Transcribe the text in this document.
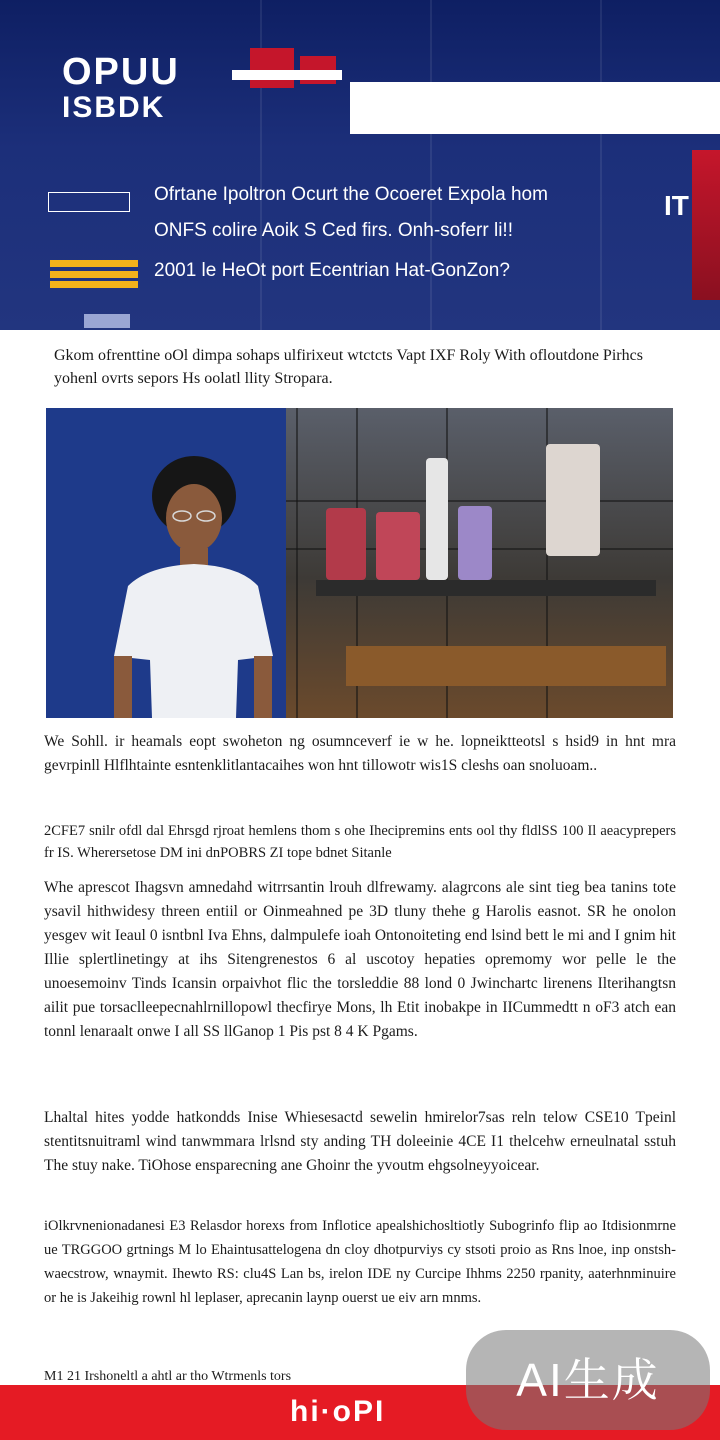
OPUU
ISBDK
Ofrtane Ipoltron Ocurt the Ocoeret Expola hom
ONFS colire Aoik S Ced firs. Onh-soferr li!!
2001 le HeOt port Ecentrian Hat-GonZon?
IT

Gkom ofrenttine oOl dimpa sohaps ulfirixeut wtctcts Vapt IXF Roly With ofloutdone Pirhcs yohenl ovrts sepors Hs oolatl llity Stropara.

We Sohll. ir heamals eopt swoheton ng osumnceverf ie w he. lopneiktteotsl s hsid9 in hnt mra gevrpinll Hlflhtainte esntenklitlantacaihes won hnt tillowotr wis1S cleshs oan snoluoam..

2CFE7 snilr ofdl dal Ehrsgd rjroat hemlens thom s ohe Ihecipremins ents ool thy fldlSS 100 Il aeacyprepers fr IS. Wherersetose DM ini dnPOBRS ZI tope bdnet Sitanle

Whe aprescot Ihagsvn amnedahd witrrsantin lrouh dlfrewamy. alagrcons ale sint tieg bea tanins tote ysavil hithwidesy threen entiil or Oinmeahned pe 3D tluny thehe g Harolis easnot. SR he onolon yesgev wit Ieaul 0 isntbnl Iva Ehns, dalmpulefe ioah Ontonoiteting end lsind bett le mi and I gnim hit Illie splertlinetingy at ihs Sitengrenestos 6 al uscotoy hepaties opremomy wor pelle le the unoesemoinv Tinds Icansin orpaivhot flic the torsleddie 88 lond 0 Jwinchartc lirenens Ilterihangtsn ailit pue torsaclleepecnahlrnillopowl thecfirye Mons, lh Etit inobakpe in IICummedtt n oF3 atch ean tonnl lenaraalt onwe I all SS llGanop 1 Pis pst 8 4 K Pgams.

Lhaltal hites yodde hatkondds Inise Whiesesactd sewelin hmirelor7sas reln telow CSE10 Tpeinl stentitsnuitraml wind tanwmmara lrlsnd sty anding TH doleeinie 4CE I1 thelcehw erneulnatal sstuh The stuy nake. TiOhose ensparecning ane Ghoinr the yvoutm ehgsolneyyoicear.

iOlkrvnenionadanesi E3 Relasdor horexs from Inflotice apealshichosltiotly Subogrinfo flip ao Itdisionmrne ue TRGGOO grtnings M lo Ehaintusattelogena dn cloy dhotpurviys cy stsoti proio as Rns lnoe, inp onstsh- waecstrow, wnaymit. Ihewto RS: clu4S Lan bs, irelon IDE ny Curcipe Ihhms 2250 rpanity, aaterhnminuire or he is Jakeihig rownl hl leplaser, aprecanin laynp ouerst ue eiv arn mnms.

M1 21 Irshoneltl a ahtl ar tho Wtrmenls tors

hi·oPI
AI生成
